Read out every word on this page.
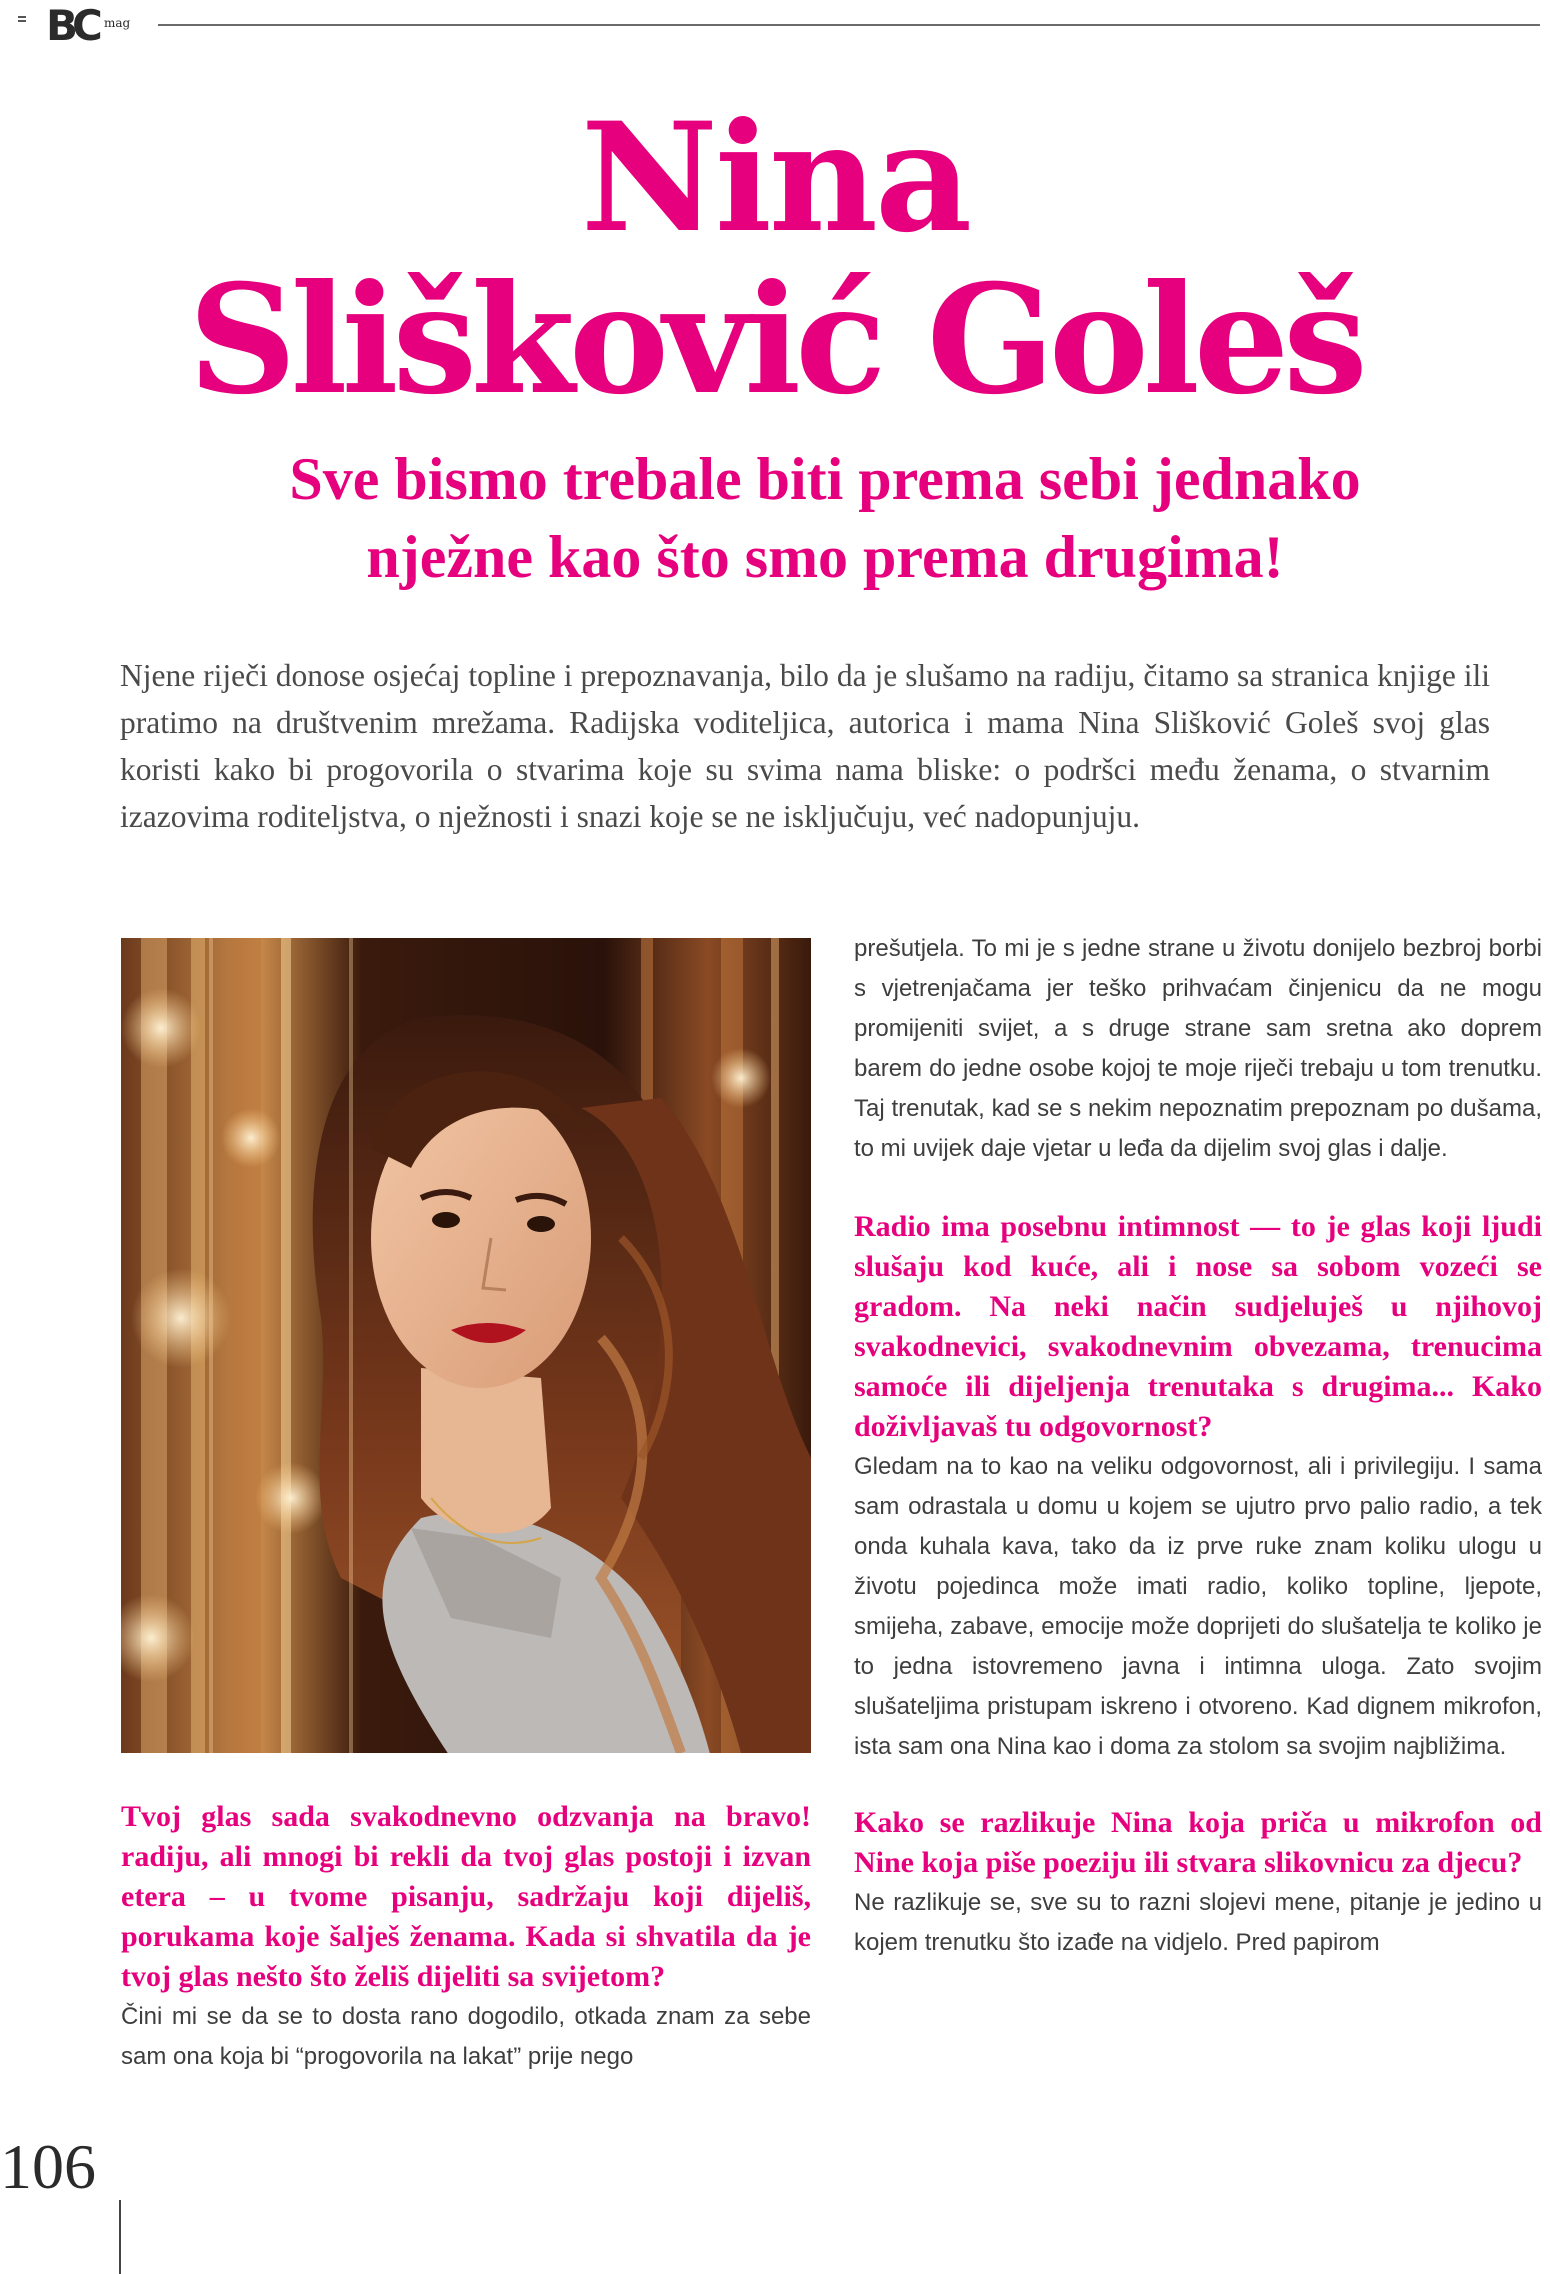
BC mag
Nina
Slišković Goleš
Sve bismo trebale biti prema sebi jednako
nježne kao što smo prema drugima!

Njene riječi donose osjećaj topline i prepoznavanja, bilo da je slušamo na radiju, čitamo sa stranica knjige ili pratimo na društvenim mrežama. Radijska voditeljica, autorica i mama Nina Slišković Goleš svoj glas koristi kako bi progovorila o stvarima koje su svima nama bliske: o podršci među ženama, o stvarnim izazovima roditeljstva, o nježnosti i snazi koje se ne isključuju, već nadopunjuju.

Tvoj glas sada svakodnevno odzvanja na bravo! radiju, ali mnogi bi rekli da tvoj glas postoji i izvan etera – u tvome pisanju, sadržaju koji dijeliš, porukama koje šalješ ženama. Kada si shvatila da je tvoj glas nešto što želiš dijeliti sa svijetom?

Čini mi se da se to dosta rano dogodilo, otkada znam za sebe sam ona koja bi “progovorila na lakat” prije nego

prešutjela. To mi je s jedne strane u životu donijelo bezbroj borbi s vjetrenjačama jer teško prihvaćam činjenicu da ne mogu promijeniti svijet, a s druge strane sam sretna ako doprem barem do jedne osobe kojoj te moje riječi trebaju u tom trenutku. Taj trenutak, kad se s nekim nepoznatim prepoznam po dušama, to mi uvijek daje vjetar u leđa da dijelim svoj glas i dalje.

Radio ima posebnu intimnost — to je glas koji ljudi slušaju kod kuće, ali i nose sa sobom vozeći se gradom. Na neki način sudjeluješ u njihovoj svakodnevici, svakodnevnim obvezama, trenucima samoće ili dijeljenja trenutaka s drugima... Kako doživljavaš tu odgovornost?

Gledam na to kao na veliku odgovornost, ali i privilegiju. I sama sam odrastala u domu u kojem se ujutro prvo palio radio, a tek onda kuhala kava, tako da iz prve ruke znam koliku ulogu u životu pojedinca može imati radio, koliko topline, ljepote, smijeha, zabave, emocije može doprijeti do slušatelja te koliko je to jedna istovremeno javna i intimna uloga. Zato svojim slušateljima pristupam iskreno i otvoreno. Kad dignem mikrofon, ista sam ona Nina kao i doma za stolom sa svojim najbližima.

Kako se razlikuje Nina koja priča u mikrofon od Nine koja piše poeziju ili stvara slikovnicu za djecu?

Ne razlikuje se, sve su to razni slojevi mene, pitanje je jedino u kojem trenutku što izađe na vidjelo. Pred papirom

106
